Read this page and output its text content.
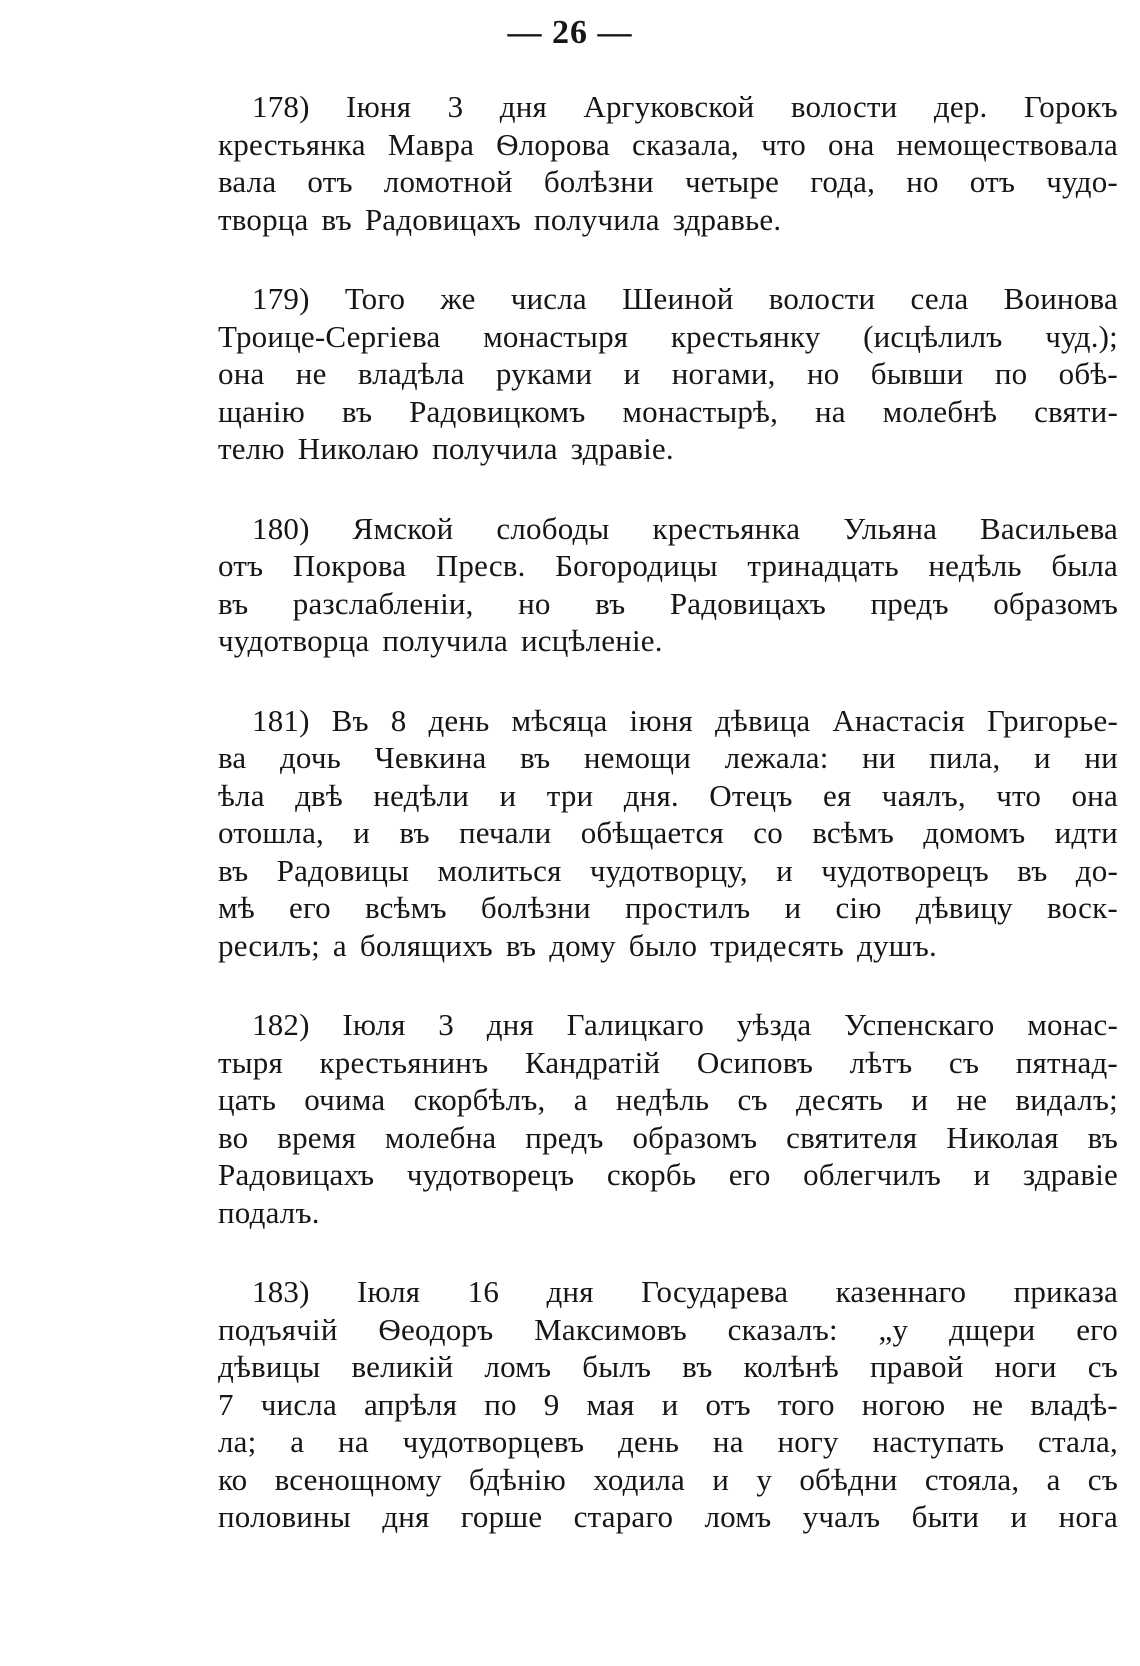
— 26 —
178) Іюня 3 дня Аргуковской волости дер. Горокъ
крестьянка Мавра Ѳлорова сказала, что она немоществовала
вала отъ ломотной болѣзни четыре года, но отъ чудо-
творца въ Радовицахъ получила здравье.
179) Того же числа Шеиной волости села Воинова
Троице-Сергіева монастыря крестьянку (исцѣлилъ чуд.);
она не владѣла руками и ногами, но бывши по обѣ-
щанію въ Радовицкомъ монастырѣ, на молебнѣ святи-
телю Николаю получила здравіе.
180) Ямской слободы крестьянка Ульяна Васильева
отъ Покрова Пресв. Богородицы тринадцать недѣль была
въ разслабленіи, но въ Радовицахъ предъ образомъ
чудотворца получила исцѣленіе.
181) Въ 8 день мѣсяца іюня дѣвица Анастасія Григорье-
ва дочь Чевкина въ немощи лежала: ни пила, и ни
ѣла двѣ недѣли и три дня. Отецъ ея чаялъ, что она
отошла, и въ печали обѣщается со всѣмъ домомъ идти
въ Радовицы молиться чудотворцу, и чудотворецъ въ до-
мѣ его всѣмъ болѣзни простилъ и сію дѣвицу воск-
ресилъ; а болящихъ въ дому было тридесять душъ.
182) Іюля 3 дня Галицкаго уѣзда Успенскаго монас-
тыря крестьянинъ Кандратій Осиповъ лѣтъ съ пятнад-
цать очима скорбѣлъ, а недѣль съ десять и не видалъ;
во время молебна предъ образомъ святителя Николая въ
Радовицахъ чудотворецъ скорбь его облегчилъ и здравіе
подалъ.
183) Іюля 16 дня Государева казеннаго приказа
подъячій Ѳеодоръ Максимовъ сказалъ: „у дщери его
дѣвицы великій ломъ былъ въ колѣнѣ правой ноги съ
7 числа апрѣля по 9 мая и отъ того ногою не владѣ-
ла; а на чудотворцевъ день на ногу наступать стала,
ко всенощному бдѣнію ходила и у обѣдни стояла, а съ
половины дня горше стараго ломъ учалъ быти и нога
